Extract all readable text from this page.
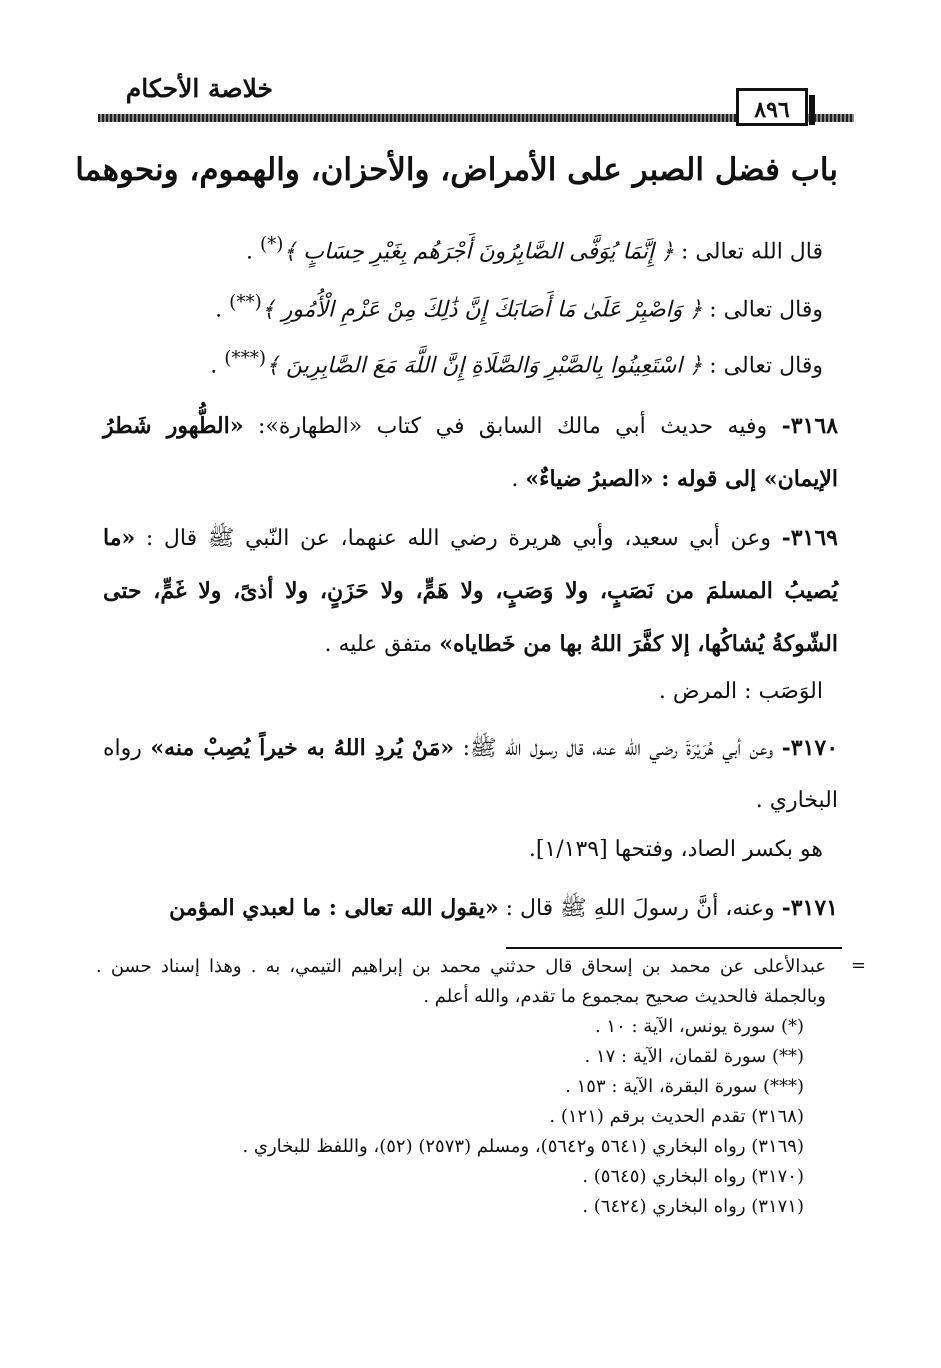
خلاصة الأحكام
٨٩٦
باب فضل الصبر على الأمراض، والأحزان، والهموم، ونحوهما
قال الله تعالى : ﴿ إِنَّمَا يُوَفَّى الصَّابِرُونَ أَجْرَهُم بِغَيْرِ حِسَابٍ ﴾(*) .
وقال تعالى : ﴿ وَاصْبِرْ عَلَىٰ مَا أَصَابَكَ إِنَّ ذَٰلِكَ مِنْ عَزْمِ الْأُمُورِ ﴾(**) .
وقال تعالى : ﴿ اسْتَعِينُوا بِالصَّبْرِ وَالصَّلَاةِ إِنَّ اللَّهَ مَعَ الصَّابِرِينَ ﴾(***) .
٣١٦٨- وفيه حديث أبي مالك السابق في كتاب «الطهارة»: «الطُّهور شَطرُ الإيمان» إلى قوله : «الصبرُ ضياءٌ» .
٣١٦٩- وعن أبي سعيد، وأبي هريرة رضي الله عنهما، عن النّبي ﷺ قال : «ما يُصيبُ المسلمَ من نَصَبٍ، ولا وَصَبٍ، ولا هَمٍّ، ولا حَزَنٍ، ولا أذىً، ولا غَمٍّ، حتى الشّوكةُ يُشاكُها، إلا كفَّرَ اللهُ بها من خَطاياه» متفق عليه .
الوَصَب : المرض .
٣١٧٠- وعن أبي هُرَيْرَةَ رضي الله عنه، قال رسول الله ﷺ: «مَنْ يُردِ اللهُ به خيراً يُصِبْ منه» رواه البخاري .
هو بكسر الصاد، وفتحها [١/١٣٩].
٣١٧١- وعنه، أنَّ رسولَ اللهِ ﷺ قال : «يقول الله تعالى : ما لعبدي المؤمن
=
عبدالأعلى عن محمد بن إسحاق قال حدثني محمد بن إبراهيم التيمي، به . وهذا إسناد حسن . وبالجملة فالحديث صحيح بمجموع ما تقدم، والله أعلم .
(*) سورة يونس، الآية : ١٠ .
(**) سورة لقمان، الآية : ١٧ .
(***) سورة البقرة، الآية : ١٥٣ .
(٣١٦٨) تقدم الحديث برقم (١٢١) .
(٣١٦٩) رواه البخاري (٥٦٤١ و٥٦٤٢)، ومسلم (٢٥٧٣) (٥٢)، واللفظ للبخاري .
(٣١٧٠) رواه البخاري (٥٦٤٥) .
(٣١٧١) رواه البخاري (٦٤٢٤) .
